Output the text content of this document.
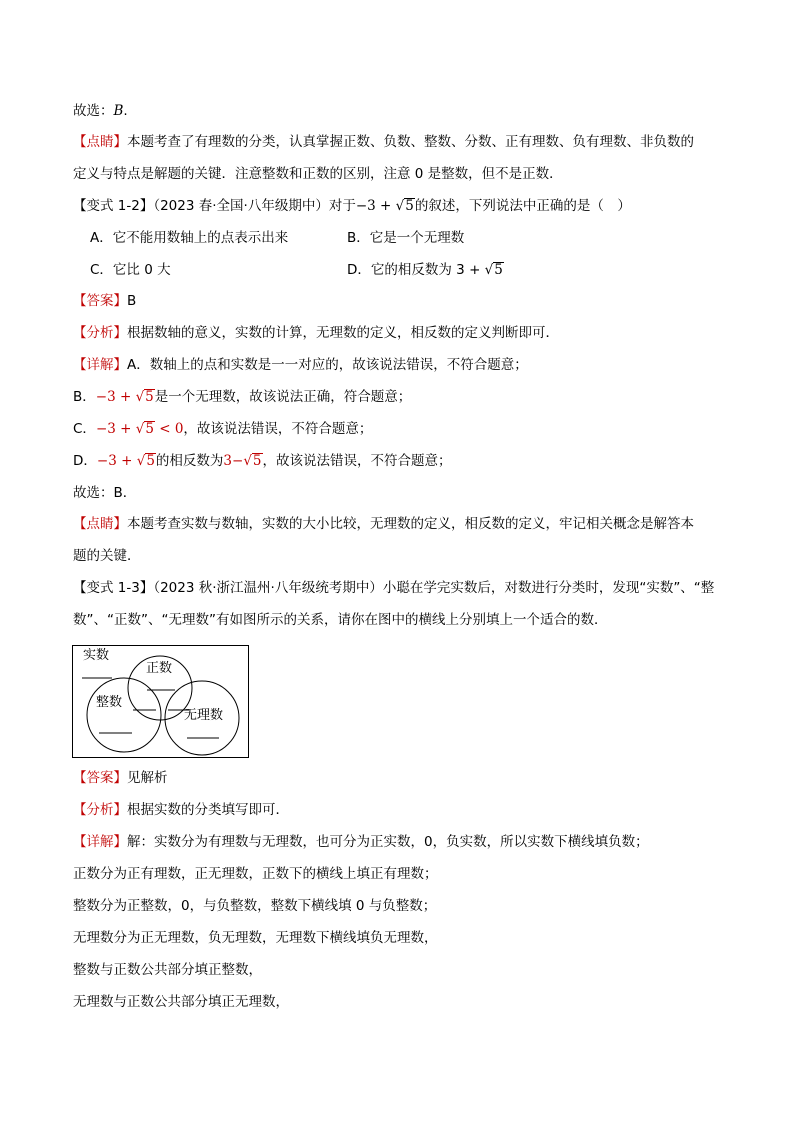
故选：B.
【点睛】本题考查了有理数的分类，认真掌握正数、负数、整数、分数、正有理数、负有理数、非负数的
定义与特点是解题的关键．注意整数和正数的区别，注意 0 是整数，但不是正数．
【变式 1-2】（2023 春·全国·八年级期中）对于−3 + √5的叙述，下列说法中正确的是（　）
A．它不能用数轴上的点表示出来	B．它是一个无理数
C．它比 0 大	D．它的相反数为 3 + √5
【答案】B
【分析】根据数轴的意义，实数的计算，无理数的定义，相反数的定义判断即可．
【详解】A．数轴上的点和实数是一一对应的，故该说法错误，不符合题意；
B．−3 + √5是一个无理数，故该说法正确，符合题意；
C．−3 + √5 < 0，故该说法错误，不符合题意；
D．−3 + √5的相反数为3−√5，故该说法错误，不符合题意；
故选：B．
【点睛】本题考查实数与数轴，实数的大小比较，无理数的定义，相反数的定义，牢记相关概念是解答本
题的关键．
【变式 1-3】（2023 秋·浙江温州·八年级统考期中）小聪在学完实数后，对数进行分类时，发现“实数”、“整
数”、“正数”、“无理数”有如图所示的关系，请你在图中的横线上分别填上一个适合的数．
实数
正数
整数
无理数
【答案】见解析
【分析】根据实数的分类填写即可．
【详解】解：实数分为有理数与无理数，也可分为正实数，0，负实数，所以实数下横线填负数；
正数分为正有理数，正无理数，正数下的横线上填正有理数；
整数分为正整数，0，与负整数，整数下横线填 0 与负整数；
无理数分为正无理数，负无理数，无理数下横线填负无理数，
整数与正数公共部分填正整数，
无理数与正数公共部分填正无理数，
